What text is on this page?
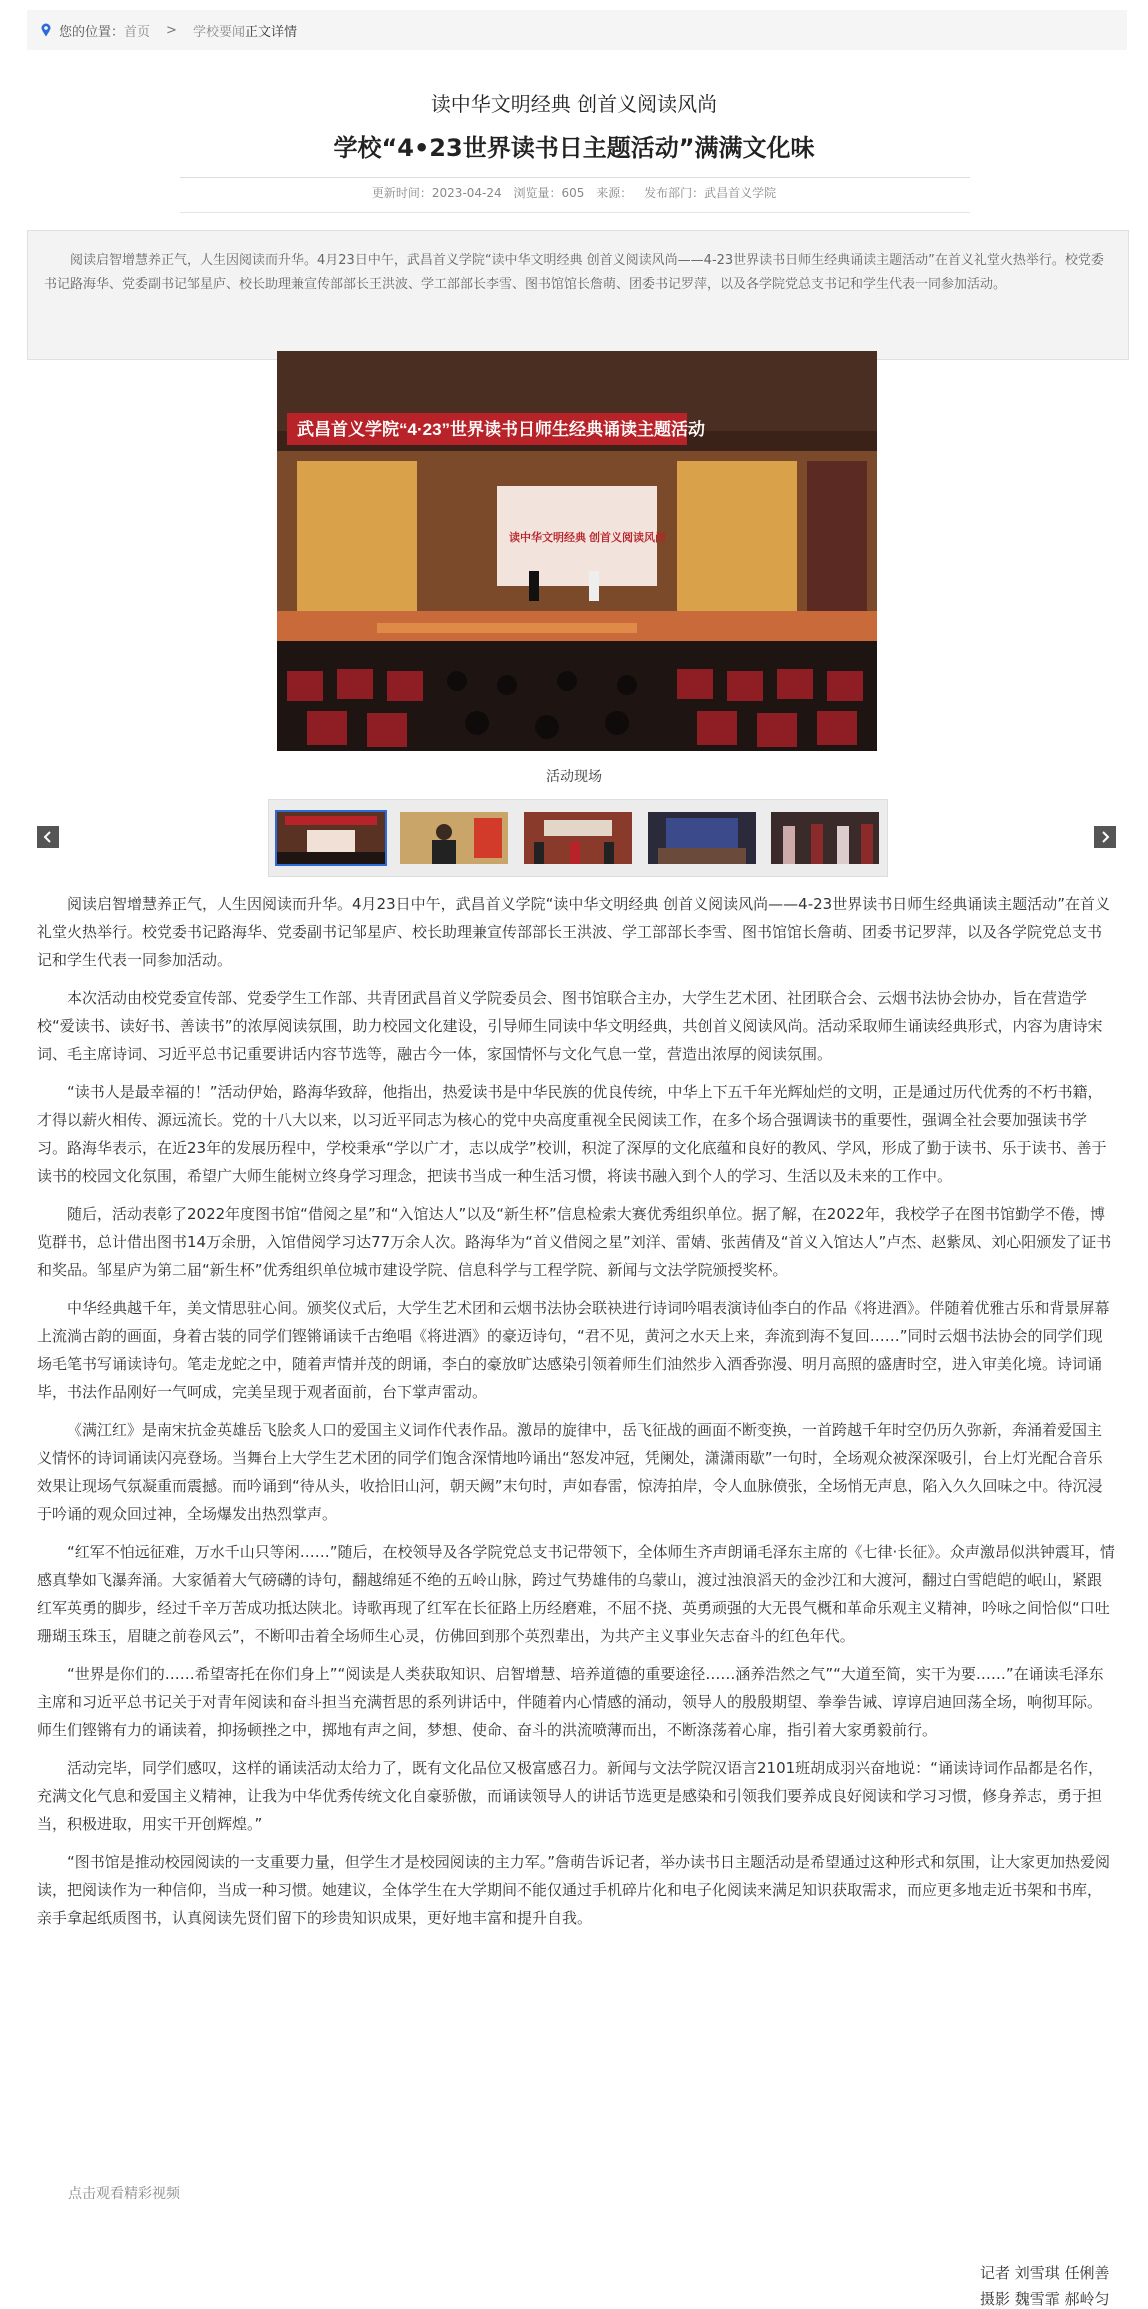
您的位置： 首页 > 学校要闻 正文详情
读中华文明经典 创首义阅读风尚
学校“4•23世界读书日主题活动”满满文化味
更新时间：2023-04-24 浏览量：605 来源： 发布部门：武昌首义学院
阅读启智增慧养正气，人生因阅读而升华。4月23日中午，武昌首义学院“读中华文明经典 创首义阅读风尚——4-23世界读书日师生经典诵读主题活动”在首义礼堂火热举行。校党委书记路海华、党委副书记邹星庐、校长助理兼宣传部部长王洪波、学工部部长李雪、图书馆馆长詹萌、团委书记罗萍，以及各学院党总支书记和学生代表一同参加活动。
武昌首义学院“4·23”世界读书日师生经典诵读主题活动
读中华文明经典 创首义阅读风尚
活动现场

阅读启智增慧养正气，人生因阅读而升华。4月23日中午，武昌首义学院“读中华文明经典 创首义阅读风尚——4-23世界读书日师生经典诵读主题活动”在首义礼堂火热举行。校党委书记路海华、党委副书记邹星庐、校长助理兼宣传部部长王洪波、学工部部长李雪、图书馆馆长詹萌、团委书记罗萍，以及各学院党总支书记和学生代表一同参加活动。

本次活动由校党委宣传部、党委学生工作部、共青团武昌首义学院委员会、图书馆联合主办，大学生艺术团、社团联合会、云烟书法协会协办，旨在营造学校“爱读书、读好书、善读书”的浓厚阅读氛围，助力校园文化建设，引导师生同读中华文明经典，共创首义阅读风尚。活动采取师生诵读经典形式，内容为唐诗宋词、毛主席诗词、习近平总书记重要讲话内容节选等，融古今一体，家国情怀与文化气息一堂，营造出浓厚的阅读氛围。

“读书人是最幸福的！”活动伊始，路海华致辞，他指出，热爱读书是中华民族的优良传统，中华上下五千年光辉灿烂的文明，正是通过历代优秀的不朽书籍，才得以薪火相传、源远流长。党的十八大以来，以习近平同志为核心的党中央高度重视全民阅读工作，在多个场合强调读书的重要性，强调全社会要加强读书学习。路海华表示，在近23年的发展历程中，学校秉承“学以广才，志以成学”校训，积淀了深厚的文化底蕴和良好的教风、学风，形成了勤于读书、乐于读书、善于读书的校园文化氛围，希望广大师生能树立终身学习理念，把读书当成一种生活习惯，将读书融入到个人的学习、生活以及未来的工作中。

随后，活动表彰了2022年度图书馆“借阅之星”和“入馆达人”以及“新生杯”信息检索大赛优秀组织单位。据了解，在2022年，我校学子在图书馆勤学不倦，博览群书，总计借出图书14万余册，入馆借阅学习达77万余人次。路海华为“首义借阅之星”刘洋、雷婧、张茜倩及“首义入馆达人”卢杰、赵紫凤、刘心阳颁发了证书和奖品。邹星庐为第二届“新生杯”优秀组织单位城市建设学院、信息科学与工程学院、新闻与文法学院颁授奖杯。

中华经典越千年，美文情思驻心间。颁奖仪式后，大学生艺术团和云烟书法协会联袂进行诗词吟唱表演诗仙李白的作品《将进酒》。伴随着优雅古乐和背景屏幕上流淌古韵的画面，身着古装的同学们铿锵诵读千古绝唱《将进酒》的豪迈诗句，“君不见，黄河之水天上来，奔流到海不复回……”同时云烟书法协会的同学们现场毛笔书写诵读诗句。笔走龙蛇之中，随着声情并茂的朗诵，李白的豪放旷达感染引领着师生们油然步入酒香弥漫、明月高照的盛唐时空，进入审美化境。诗词诵毕，书法作品刚好一气呵成，完美呈现于观者面前，台下掌声雷动。

《满江红》是南宋抗金英雄岳飞脍炙人口的爱国主义词作代表作品。激昂的旋律中，岳飞征战的画面不断变换，一首跨越千年时空仍历久弥新，奔涌着爱国主义情怀的诗词诵读闪亮登场。当舞台上大学生艺术团的同学们饱含深情地吟诵出“怒发冲冠，凭阑处，潇潇雨歇”一句时，全场观众被深深吸引，台上灯光配合音乐效果让现场气氛凝重而震撼。而吟诵到“待从头，收拾旧山河，朝天阙”末句时，声如春雷，惊涛拍岸，令人血脉偾张，全场悄无声息，陷入久久回味之中。待沉浸于吟诵的观众回过神，全场爆发出热烈掌声。

“红军不怕远征难，万水千山只等闲……”随后，在校领导及各学院党总支书记带领下，全体师生齐声朗诵毛泽东主席的《七律·长征》。众声激昂似洪钟震耳，情感真挚如飞瀑奔涌。大家循着大气磅礴的诗句，翻越绵延不绝的五岭山脉，跨过气势雄伟的乌蒙山，渡过浊浪滔天的金沙江和大渡河，翻过白雪皑皑的岷山，紧跟红军英勇的脚步，经过千辛万苦成功抵达陕北。诗歌再现了红军在长征路上历经磨难，不屈不挠、英勇顽强的大无畏气概和革命乐观主义精神，吟咏之间恰似“口吐珊瑚玉珠玉，眉睫之前卷风云”，不断叩击着全场师生心灵，仿佛回到那个英烈辈出，为共产主义事业矢志奋斗的红色年代。

“世界是你们的……希望寄托在你们身上”“阅读是人类获取知识、启智增慧、培养道德的重要途径……涵养浩然之气”“大道至简，实干为要……”在诵读毛泽东主席和习近平总书记关于对青年阅读和奋斗担当充满哲思的系列讲话中，伴随着内心情感的涌动，领导人的殷殷期望、拳拳告诫、谆谆启迪回荡全场，响彻耳际。师生们铿锵有力的诵读着，抑扬顿挫之中，掷地有声之间，梦想、使命、奋斗的洪流喷薄而出，不断涤荡着心扉，指引着大家勇毅前行。

活动完毕，同学们感叹，这样的诵读活动太给力了，既有文化品位又极富感召力。新闻与文法学院汉语言2101班胡成羽兴奋地说：“诵读诗词作品都是名作，充满文化气息和爱国主义精神，让我为中华优秀传统文化自豪骄傲，而诵读领导人的讲话节选更是感染和引领我们要养成良好阅读和学习习惯，修身养志，勇于担当，积极进取，用实干开创辉煌。”

“图书馆是推动校园阅读的一支重要力量，但学生才是校园阅读的主力军。”詹萌告诉记者，举办读书日主题活动是希望通过这种形式和氛围，让大家更加热爱阅读，把阅读作为一种信仰，当成一种习惯。她建议，全体学生在大学期间不能仅通过手机碎片化和电子化阅读来满足知识获取需求，而应更多地走近书架和书库，亲手拿起纸质图书，认真阅读先贤们留下的珍贵知识成果，更好地丰富和提升自我。

点击观看精彩视频
记者 刘雪琪 任俐善
摄影 魏雪霏 郝岭匀
